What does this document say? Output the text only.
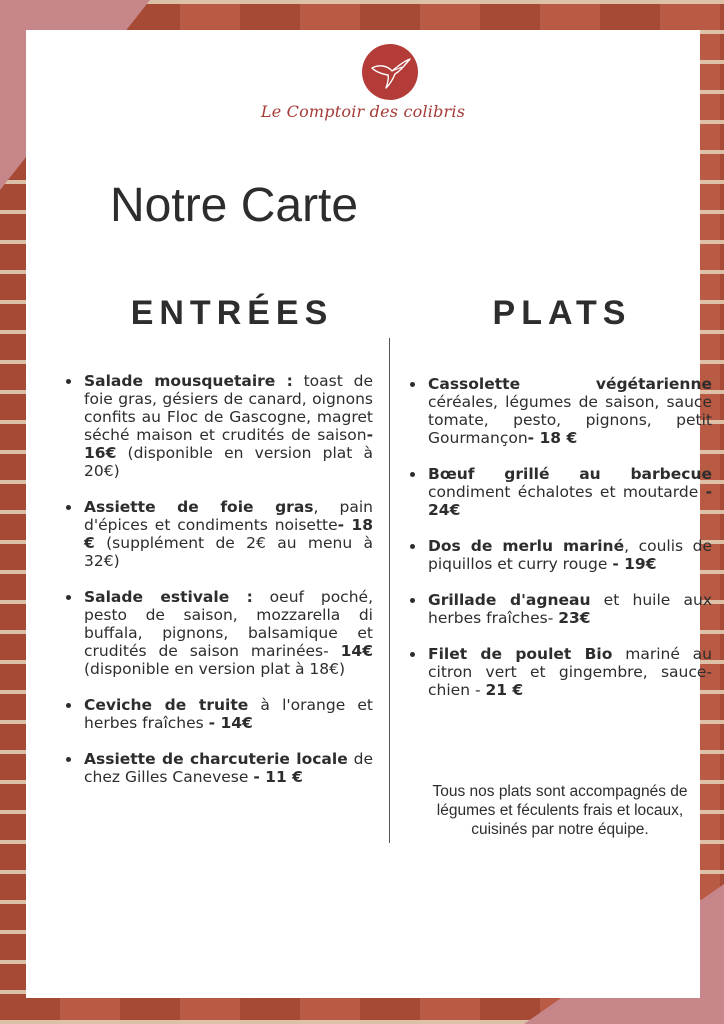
Le Comptoir des colibris
Notre Carte
ENTRÉES	PLATS
Salade mousquetaire : toast de foie gras, gésiers de canard, oignons confits au Floc de Gascogne, magret séché maison et crudités de saison- 16€ (disponible en version plat à 20€)
Assiette de foie gras, pain d'épices et condiments noisette- 18 € (supplément de 2€ au menu à 32€)
Salade estivale : oeuf poché, pesto de saison, mozzarella di buffala, pignons, balsamique et crudités de saison marinées- 14€ (disponible en version plat à 18€)
Ceviche de truite à l'orange et herbes fraîches - 14€
Assiette de charcuterie locale de chez Gilles Canevese - 11 €
Cassolette végétarienne céréales, légumes de saison, sauce tomate, pesto, pignons, petit Gourmançon- 18 €
Bœuf grillé au barbecue condiment échalotes et moutarde - 24€
Dos de merlu mariné, coulis de piquillos et curry rouge - 19€
Grillade d'agneau et huile aux herbes fraîches- 23€
Filet de poulet Bio mariné au citron vert et gingembre, sauce-chien - 21 €
Tous nos plats sont accompagnés de légumes et féculents frais et locaux, cuisinés par notre équipe.
